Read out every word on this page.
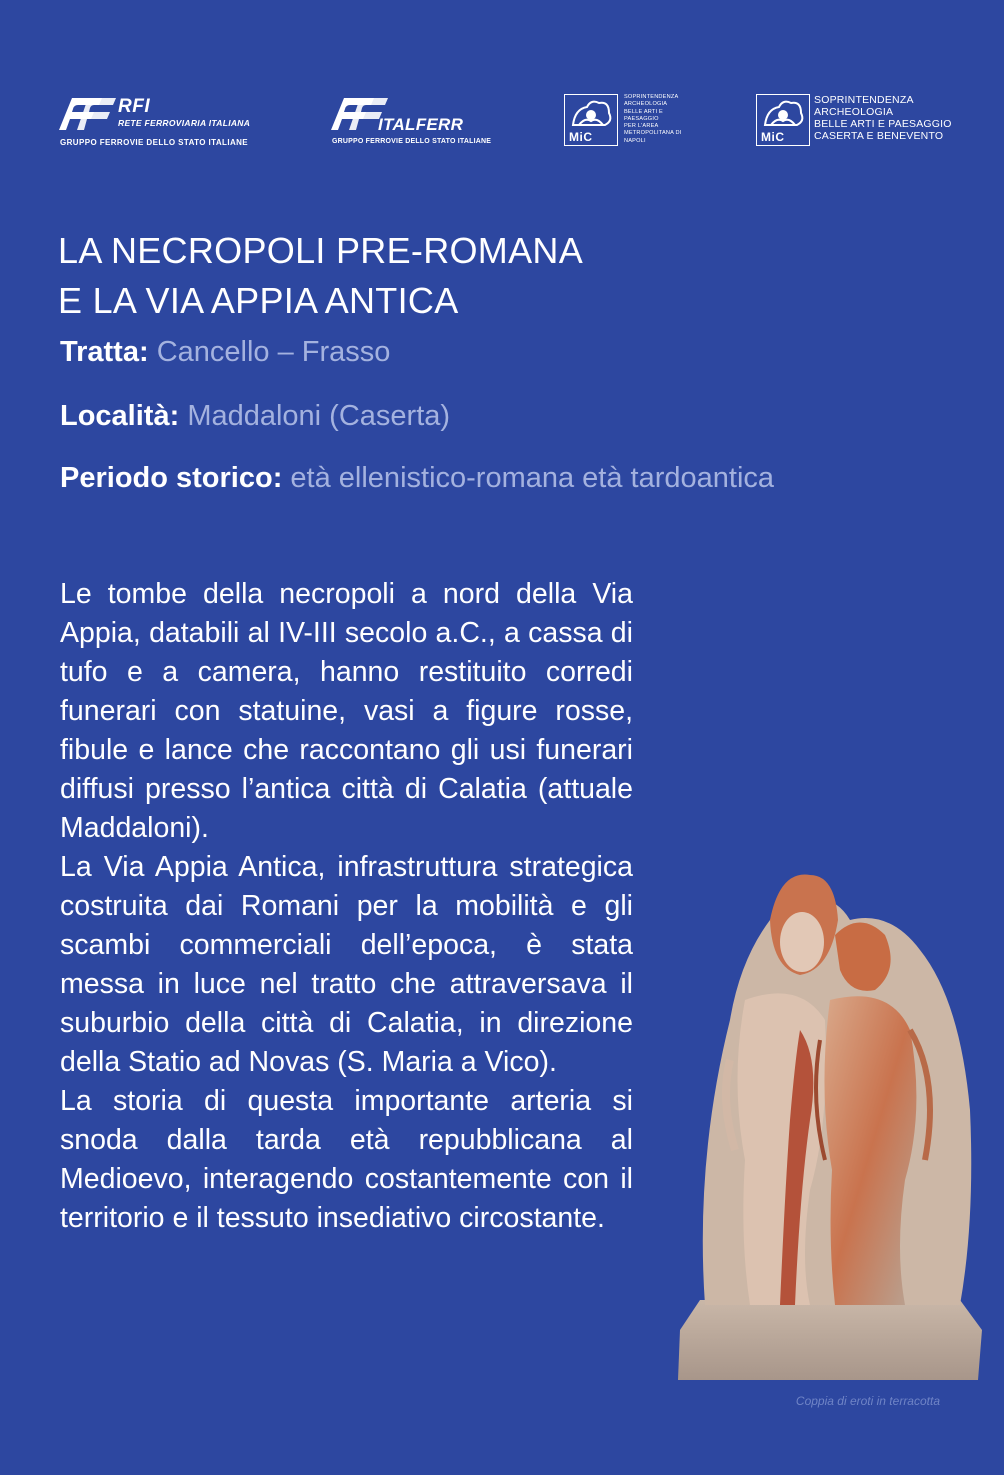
RFI
RETE FERROVIARIA ITALIANA
GRUPPO FERROVIE DELLO STATO ITALIANE
ITALFERR
GRUPPO FERROVIE DELLO STATO ITALIANE	MiC
SOPRINTENDENZA
ARCHEOLOGIA
BELLE ARTI E
PAESAGGIO
PER L'AREA
METROPOLITANA DI
NAPOLI	MiC
SOPRINTENDENZA
ARCHEOLOGIA
BELLE ARTI E PAESAGGIO
CASERTA E BENEVENTO
LA NECROPOLI PRE-ROMANA
E LA VIA APPIA ANTICA
Tratta: Cancello – Frasso
Località: Maddaloni (Caserta)
Periodo storico: età ellenistico-romana età tardoantica

Le tombe della necropoli a nord della Via Appia, databili al IV-III secolo a.C., a cassa di tufo e a camera, hanno restituito corredi funerari con statuine, vasi a figure rosse, fibule e lance che raccontano gli usi funerari diffusi presso l’antica città di Calatia (attuale Maddaloni).

La Via Appia Antica, infrastruttura strategica costruita dai Romani per la mobilità e gli scambi commerciali dell’epoca, è stata messa in luce nel tratto che attraversava il suburbio della città di Calatia, in direzione della Statio ad Novas (S. Maria a Vico).

La storia di questa importante arteria si snoda dalla tarda età repubblicana al Medioevo, interagendo costantemente con il territorio e il tessuto insediativo circostante.

Coppia di eroti in terracotta
